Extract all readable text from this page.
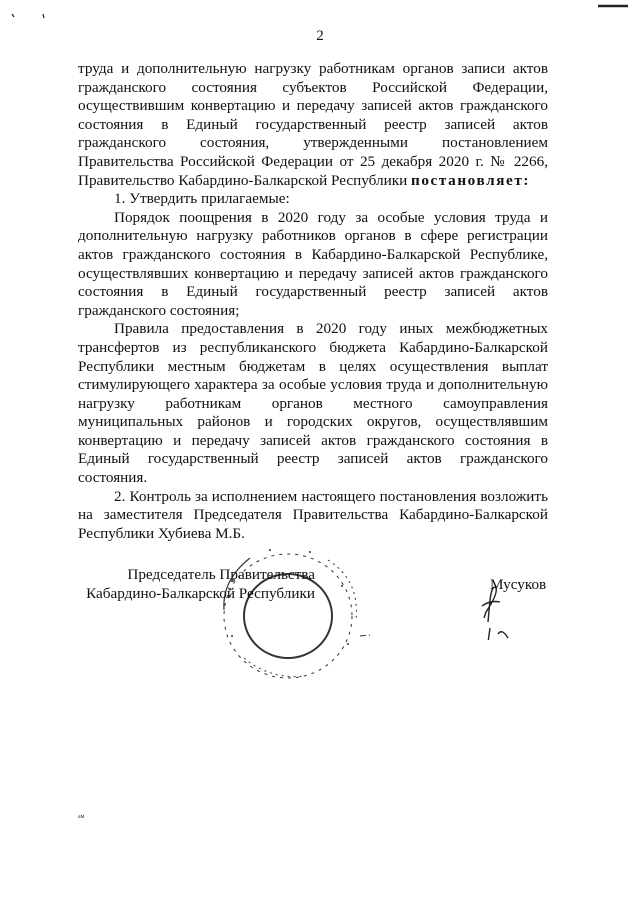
2

труда и дополнительную нагрузку работникам органов записи актов гражданского состояния субъектов Российской Федерации, осуществившим конвертацию и передачу записей актов гражданского состояния в Единый государственный реестр записей актов гражданского состояния, утвержденными постановлением Правительства Российской Федерации от 25 декабря 2020 г. № 2266, Правительство Кабардино-Балкарской Республики постановляет:

1. Утвердить прилагаемые:

Порядок поощрения в 2020 году за особые условия труда и дополнительную нагрузку работников органов в сфере регистрации актов гражданского состояния в Кабардино-Балкарской Республике, осуществлявших конвертацию и передачу записей актов гражданского состояния в Единый государственный реестр записей актов гражданского состояния;

Правила предоставления в 2020 году иных межбюджетных трансфертов из республиканского бюджета Кабардино-Балкарской Республики местным бюджетам в целях осуществления выплат стимулирующего характера за особые условия труда и дополнительную нагрузку работникам органов местного самоуправления муниципальных районов и городских округов, осуществлявшим конвертацию и передачу записей актов гражданского состояния в Единый государственный реестр записей актов гражданского состояния.

2. Контроль за исполнением настоящего постановления возложить на заместителя Председателя Правительства Кабардино-Балкарской Республики Хубиева М.Б.

Председатель Правительства
Кабардино-Балкарской Республики
Мусуков
ам
